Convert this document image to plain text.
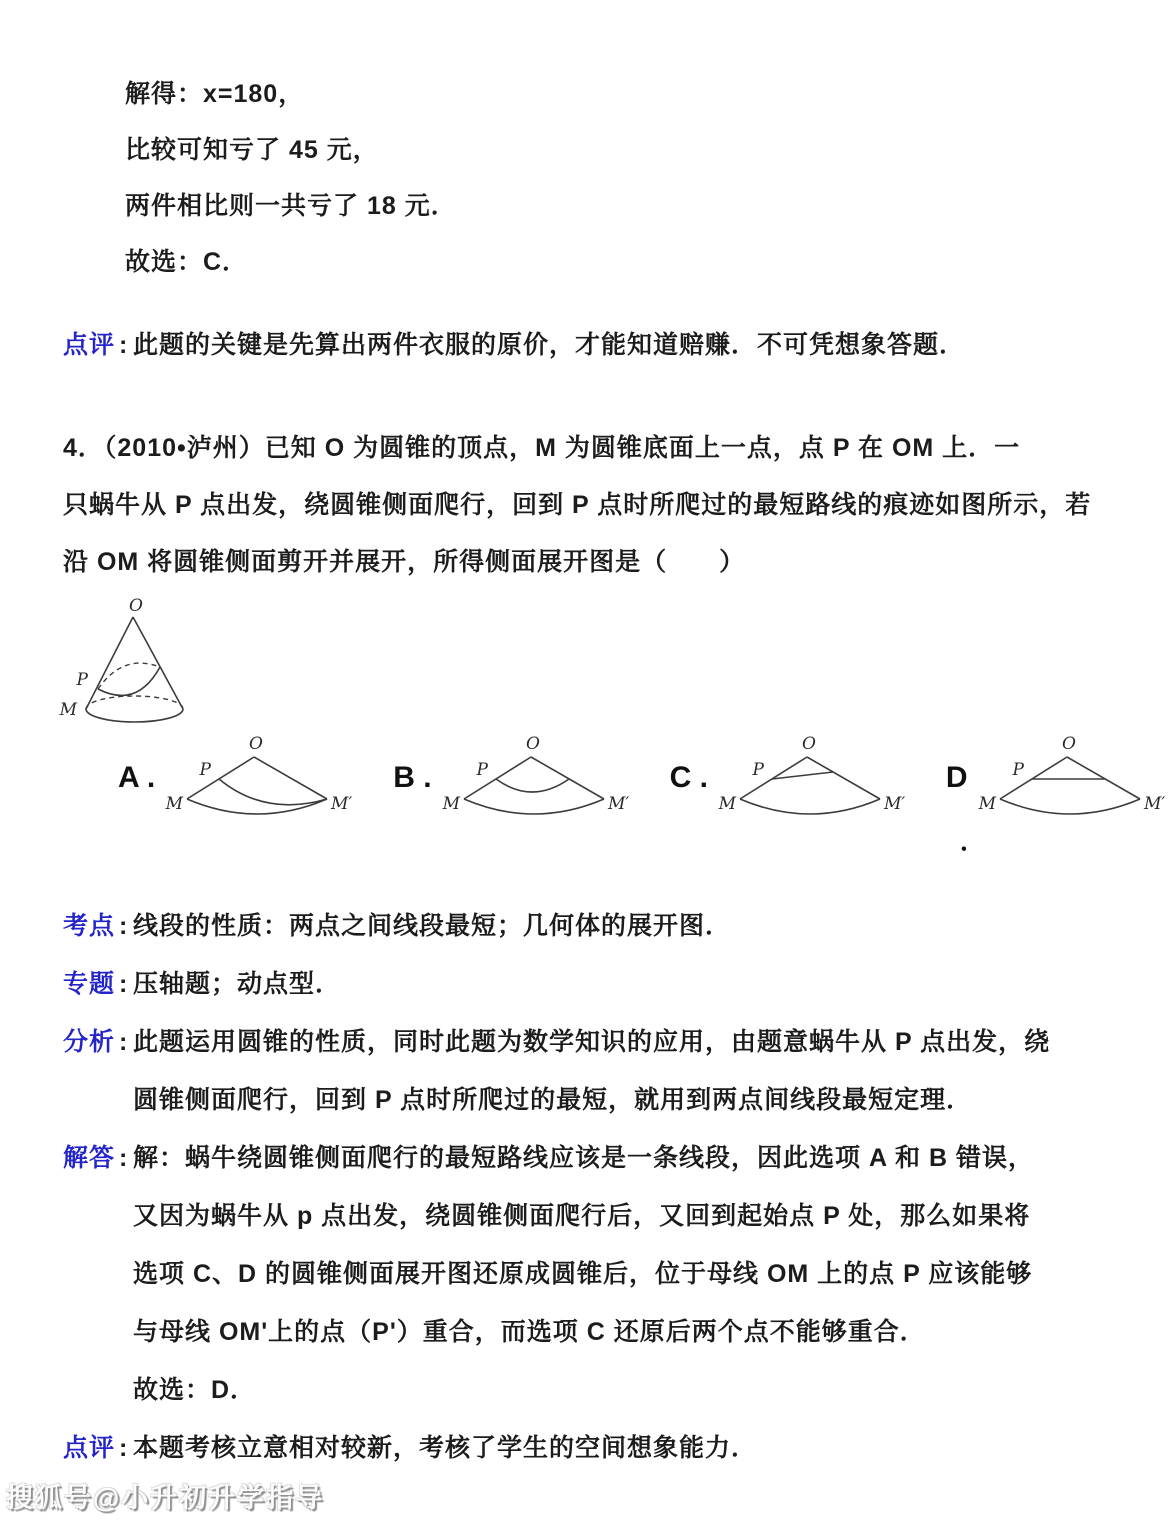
解得：x=180，
比较可知亏了 45 元，
两件相比则一共亏了 18 元．
故选：C．
点评 : 此题的关键是先算出两件衣服的原价，才能知道赔赚．不可凭想象答题．
4．（2010•泸州）已知 O 为圆锥的顶点，M 为圆锥底面上一点，点 P 在 OM 上．一
只蜗牛从 P 点出发，绕圆锥侧面爬行，回到 P 点时所爬过的最短路线的痕迹如图所示，若
沿 OM 将圆锥侧面剪开并展开，所得侧面展开图是（　　）
O
P
M
A .
O
P
M	M′
B .
O
P
M	M′
C .
O
P
M	M′
D
．
O
P
M	M′
考点 : 线段的性质：两点之间线段最短；几何体的展开图．
专题 : 压轴题；动点型．
分析 : 此题运用圆锥的性质，同时此题为数学知识的应用，由题意蜗牛从 P 点出发，绕
圆锥侧面爬行，回到 P 点时所爬过的最短，就用到两点间线段最短定理．
解答 : 解：蜗牛绕圆锥侧面爬行的最短路线应该是一条线段，因此选项 A 和 B 错误，
又因为蜗牛从 p 点出发，绕圆锥侧面爬行后，又回到起始点 P 处，那么如果将
选项 C、D 的圆锥侧面展开图还原成圆锥后，位于母线 OM 上的点 P 应该能够
与母线 OM'上的点（P'）重合，而选项 C 还原后两个点不能够重合．
故选：D．
点评 : 本题考核立意相对较新，考核了学生的空间想象能力．
搜狐号@小升初升学指导
